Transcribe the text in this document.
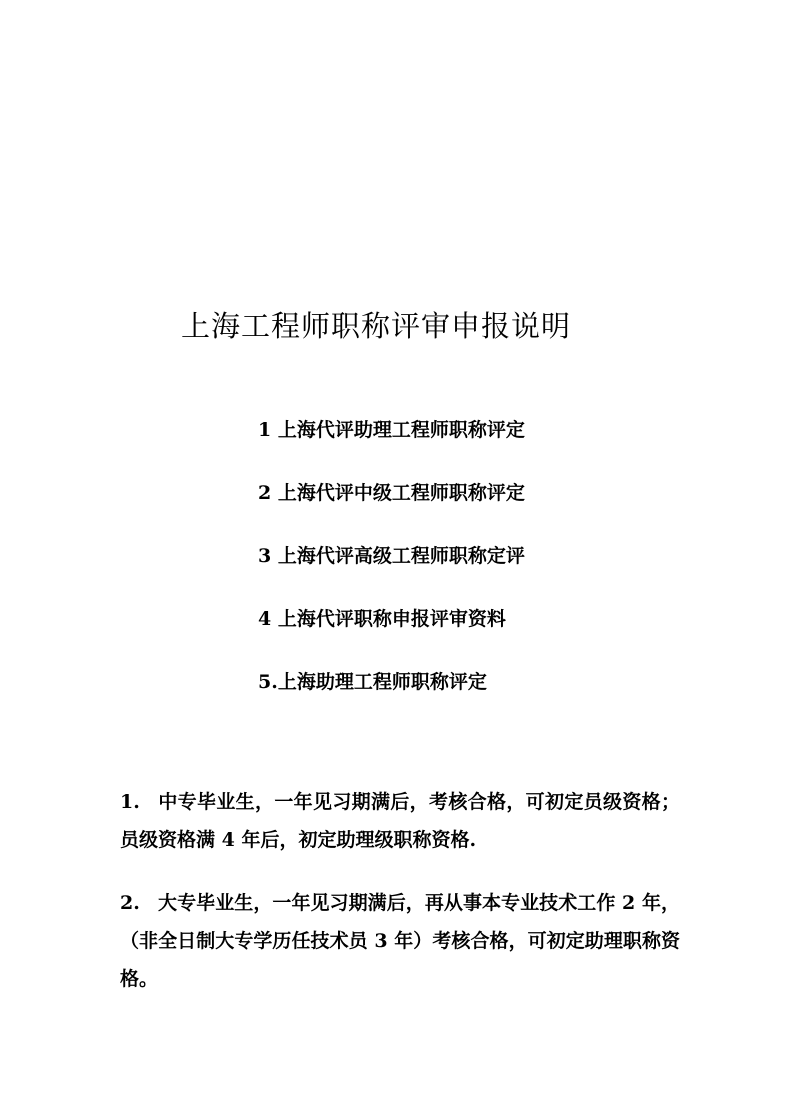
上海工程师职称评审申报说明
1 上海代评助理工程师职称评定
2 上海代评中级工程师职称评定
3 上海代评高级工程师职称定评
4 上海代评职称申报评审资料
5.上海助理工程师职称评定

1. 中专毕业生，一年见习期满后，考核合格，可初定员级资格；员级资格满 4 年后，初定助理级职称资格.

2. 大专毕业生，一年见习期满后，再从事本专业技术工作 2 年，（非全日制大专学历任技术员 3 年）考核合格，可初定助理职称资格。
